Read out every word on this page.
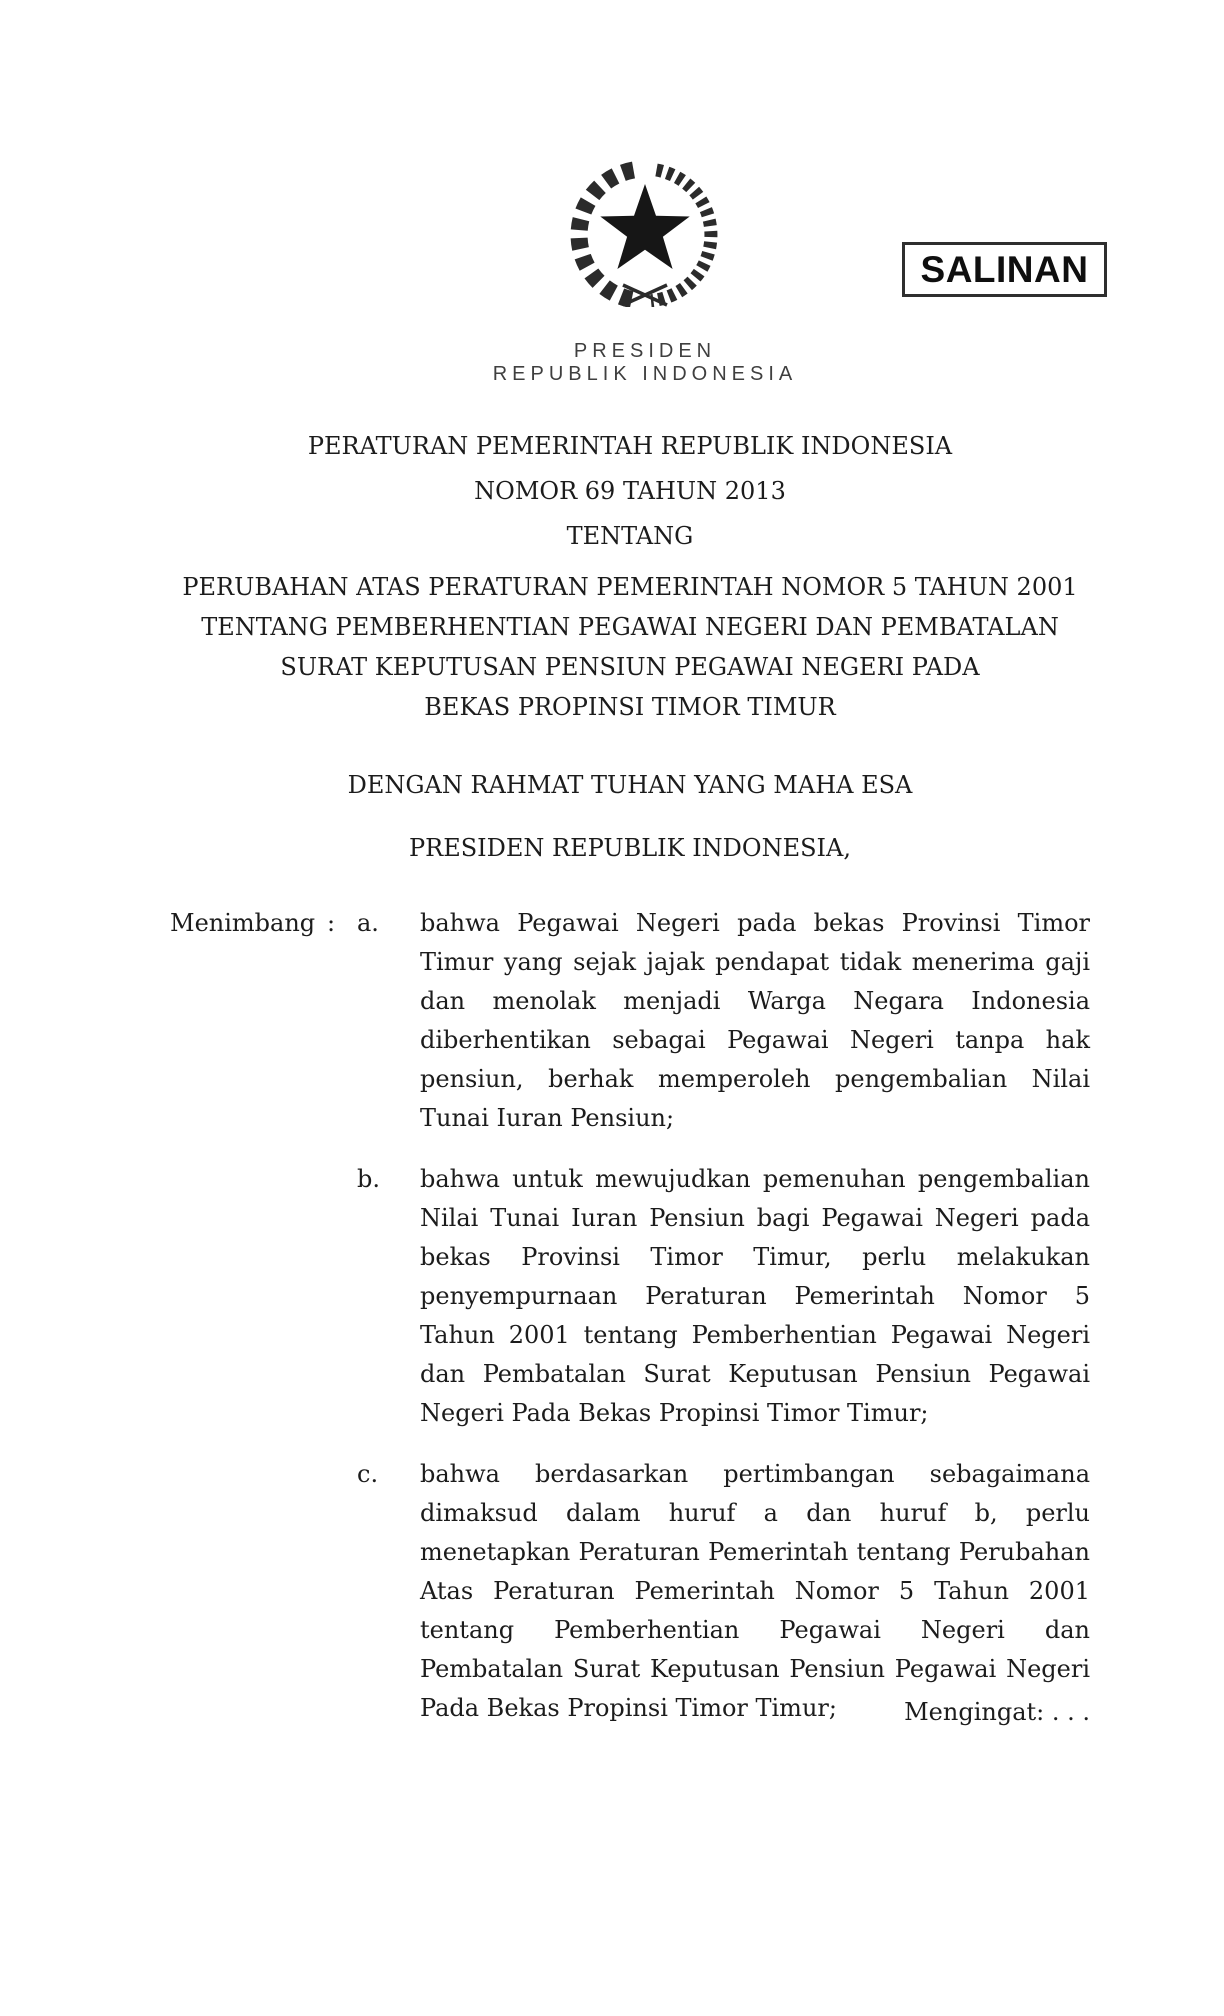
PRESIDEN
REPUBLIK INDONESIA
SALINAN
PERATURAN PEMERINTAH REPUBLIK INDONESIA
NOMOR 69 TAHUN 2013
TENTANG
PERUBAHAN ATAS PERATURAN PEMERINTAH NOMOR 5 TAHUN 2001
TENTANG PEMBERHENTIAN PEGAWAI NEGERI DAN PEMBATALAN
SURAT KEPUTUSAN PENSIUN PEGAWAI NEGERI PADA
BEKAS PROPINSI TIMOR TIMUR
DENGAN RAHMAT TUHAN YANG MAHA ESA
PRESIDEN REPUBLIK INDONESIA,
Menimbang : a.	bahwa Pegawai Negeri pada bekas Provinsi Timor Timur yang sejak jajak pendapat tidak menerima gaji dan menolak menjadi Warga Negara Indonesia diberhentikan sebagai Pegawai Negeri tanpa hak pensiun, berhak memperoleh pengembalian Nilai Tunai Iuran Pensiun;
b.	bahwa untuk mewujudkan pemenuhan pengembalian Nilai Tunai Iuran Pensiun bagi Pegawai Negeri pada bekas Provinsi Timor Timur, perlu melakukan penyempurnaan Peraturan Pemerintah Nomor 5 Tahun 2001 tentang Pemberhentian Pegawai Negeri dan Pembatalan Surat Keputusan Pensiun Pegawai Negeri Pada Bekas Propinsi Timor Timur;
c.	bahwa berdasarkan pertimbangan sebagaimana dimaksud dalam huruf a dan huruf b, perlu menetapkan Peraturan Pemerintah tentang Perubahan Atas Peraturan Pemerintah Nomor 5 Tahun 2001 tentang Pemberhentian Pegawai Negeri dan Pembatalan Surat Keputusan Pensiun Pegawai Negeri Pada Bekas Propinsi Timor Timur;	Mengingat: . . .
